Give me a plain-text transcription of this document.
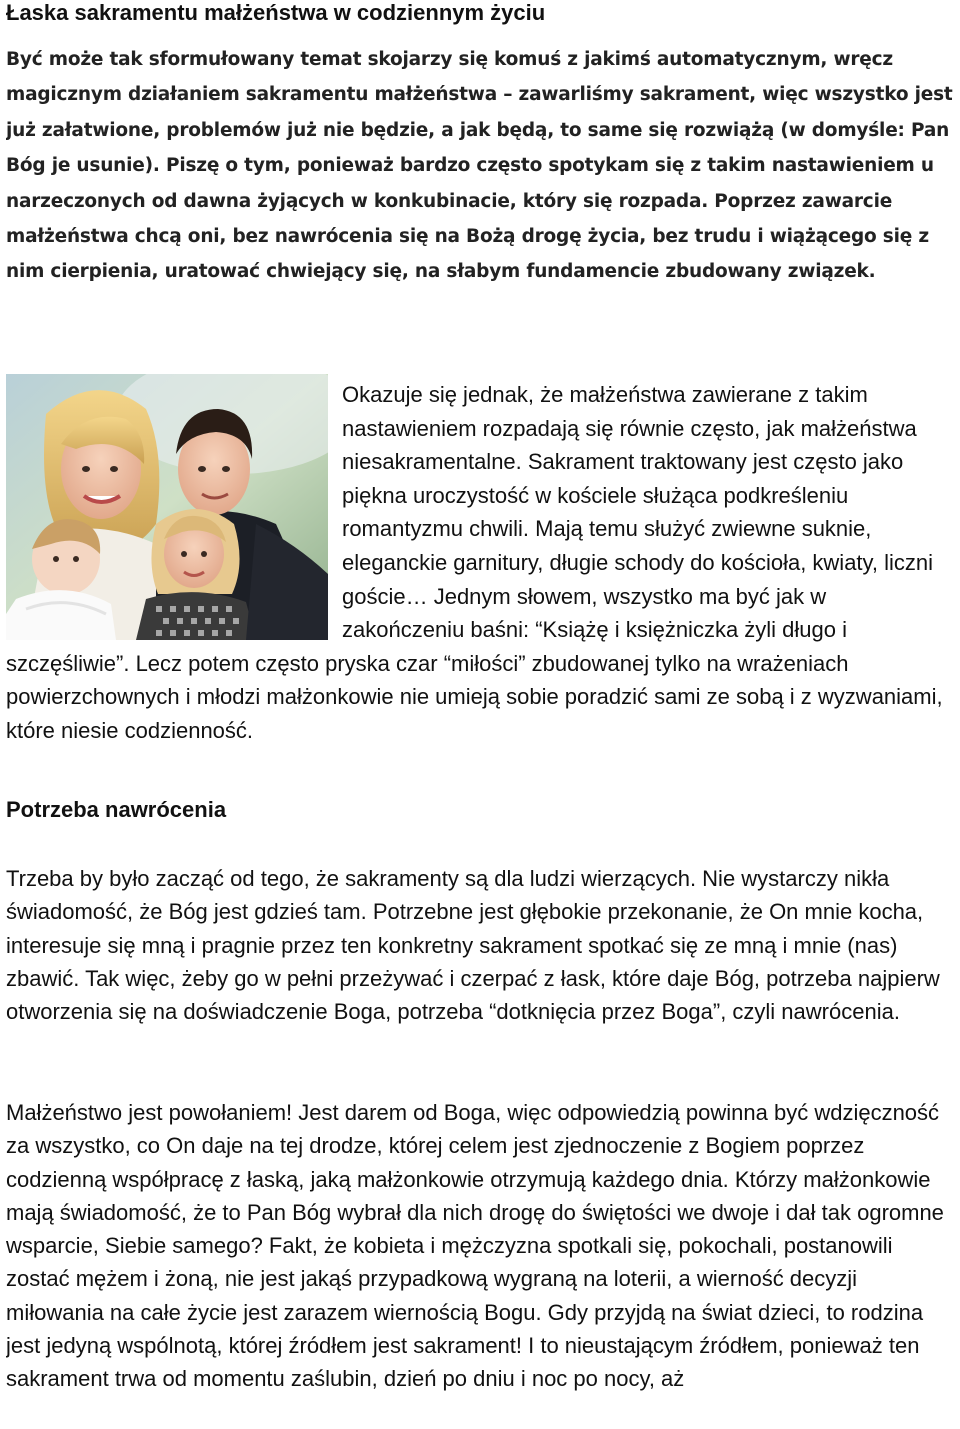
Łaska sakramentu małżeństwa w codziennym życiu

Być może tak sformułowany temat skojarzy się komuś z jakimś automatycznym, wręcz magicznym działaniem sakramentu małżeństwa – zawarliśmy sakrament, więc wszystko jest już załatwione, problemów już nie będzie, a jak będą, to same się rozwiążą (w domyśle: Pan Bóg je usunie). Piszę o tym, ponieważ bardzo często spotykam się z takim nastawieniem u narzeczonych od dawna żyjących w konkubinacie, który się rozpada. Poprzez zawarcie małżeństwa chcą oni, bez nawrócenia się na Bożą drogę życia, bez trudu i wiążącego się z nim cierpienia, uratować chwiejący się, na słabym fundamencie zbudowany związek.

Okazuje się jednak, że małżeństwa zawierane z takim nastawieniem rozpadają się równie często, jak małżeństwa niesakramentalne. Sakrament traktowany jest często jako piękna uroczystość w kościele służąca podkreśleniu romantyzmu chwili. Mają temu służyć zwiewne suknie, eleganckie garnitury, długie schody do kościoła, kwiaty, liczni goście… Jednym słowem, wszystko ma być jak w zakończeniu baśni: “Książę i księżniczka żyli długo i szczęśliwie”. Lecz potem często pryska czar “miłości” zbudowanej tylko na wrażeniach powierzchownych i młodzi małżonkowie nie umieją sobie poradzić sami ze sobą i z wyzwaniami, które niesie codzienność.

Potrzeba nawrócenia

Trzeba by było zacząć od tego, że sakramenty są dla ludzi wierzących. Nie wystarczy nikła świadomość, że Bóg jest gdzieś tam. Potrzebne jest głębokie przekonanie, że On mnie kocha, interesuje się mną i pragnie przez ten konkretny sakrament spotkać się ze mną i mnie (nas) zbawić. Tak więc, żeby go w pełni przeżywać i czerpać z łask, które daje Bóg, potrzeba najpierw otworzenia się na doświadczenie Boga, potrzeba “dotknięcia przez Boga”, czyli nawrócenia.

Małżeństwo jest powołaniem! Jest darem od Boga, więc odpowiedzią powinna być wdzięczność za wszystko, co On daje na tej drodze, której celem jest zjednoczenie z Bogiem poprzez codzienną współpracę z łaską, jaką małżonkowie otrzymują każdego dnia. Którzy małżonkowie mają świadomość, że to Pan Bóg wybrał dla nich drogę do świętości we dwoje i dał tak ogromne wsparcie, Siebie samego? Fakt, że kobieta i mężczyzna spotkali się, pokochali, postanowili zostać mężem i żoną, nie jest jakąś przypadkową wygraną na loterii, a wierność decyzji miłowania na całe życie jest zarazem wiernością Bogu. Gdy przyjdą na świat dzieci, to rodzina jest jedyną wspólnotą, której źródłem jest sakrament! I to nieustającym źródłem, ponieważ ten sakrament trwa od momentu zaślubin, dzień po dniu i noc po nocy, aż
